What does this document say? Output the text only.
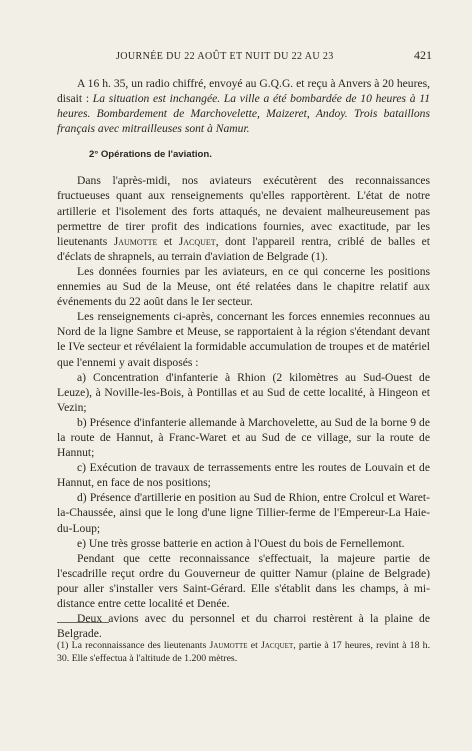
JOURNÉE DU 22 AOÛT ET NUIT DU 22 AU 23	421

A 16 h. 35, un radio chiffré, envoyé au G.Q.G. et reçu à Anvers à 20 heures, disait : La situation est inchangée. La ville a été bombardée de 10 heures à 11 heures. Bombardement de Marchovelette, Maizeret, Andoy. Trois bataillons français avec mitrailleuses sont à Namur.

2° Opérations de l'aviation.

Dans l'après-midi, nos aviateurs exécutèrent des reconnaissances fructueuses quant aux renseignements qu'elles rapportèrent. L'état de notre artillerie et l'isolement des forts attaqués, ne devaient malheureusement pas permettre de tirer profit des indications fournies, avec exactitude, par les lieutenants Jaumotte et Jacquet, dont l'appareil rentra, criblé de balles et d'éclats de shrapnels, au terrain d'aviation de Belgrade (1).

Les données fournies par les aviateurs, en ce qui concerne les positions ennemies au Sud de la Meuse, ont été relatées dans le chapitre relatif aux événements du 22 août dans le Ier secteur.

Les renseignements ci-après, concernant les forces ennemies reconnues au Nord de la ligne Sambre et Meuse, se rapportaient à la région s'étendant devant le IVe secteur et révélaient la formidable accumulation de troupes et de matériel que l'ennemi y avait disposés :

a) Concentration d'infanterie à Rhion (2 kilomètres au Sud-Ouest de Leuze), à Noville-les-Bois, à Pontillas et au Sud de cette localité, à Hingeon et Vezin;

b) Présence d'infanterie allemande à Marchovelette, au Sud de la borne 9 de la route de Hannut, à Franc-Waret et au Sud de ce village, sur la route de Hannut;

c) Exécution de travaux de terrassements entre les routes de Louvain et de Hannut, en face de nos positions;

d) Présence d'artillerie en position au Sud de Rhion, entre Crolcul et Waret-la-Chaussée, ainsi que le long d'une ligne Tillier-ferme de l'Empereur-La Haie-du-Loup;

e) Une très grosse batterie en action à l'Ouest du bois de Fernellemont.

Pendant que cette reconnaissance s'effectuait, la majeure partie de l'escadrille reçut ordre du Gouverneur de quitter Namur (plaine de Belgrade) pour aller s'installer vers Saint-Gérard. Elle s'établit dans les champs, à mi-distance entre cette localité et Denée.

Deux avions avec du personnel et du charroi restèrent à la plaine de Belgrade.

(1) La reconnaissance des lieutenants Jaumotte et Jacquet, partie à 17 heures, revint à 18 h. 30. Elle s'effectua à l'altitude de 1.200 mètres.
